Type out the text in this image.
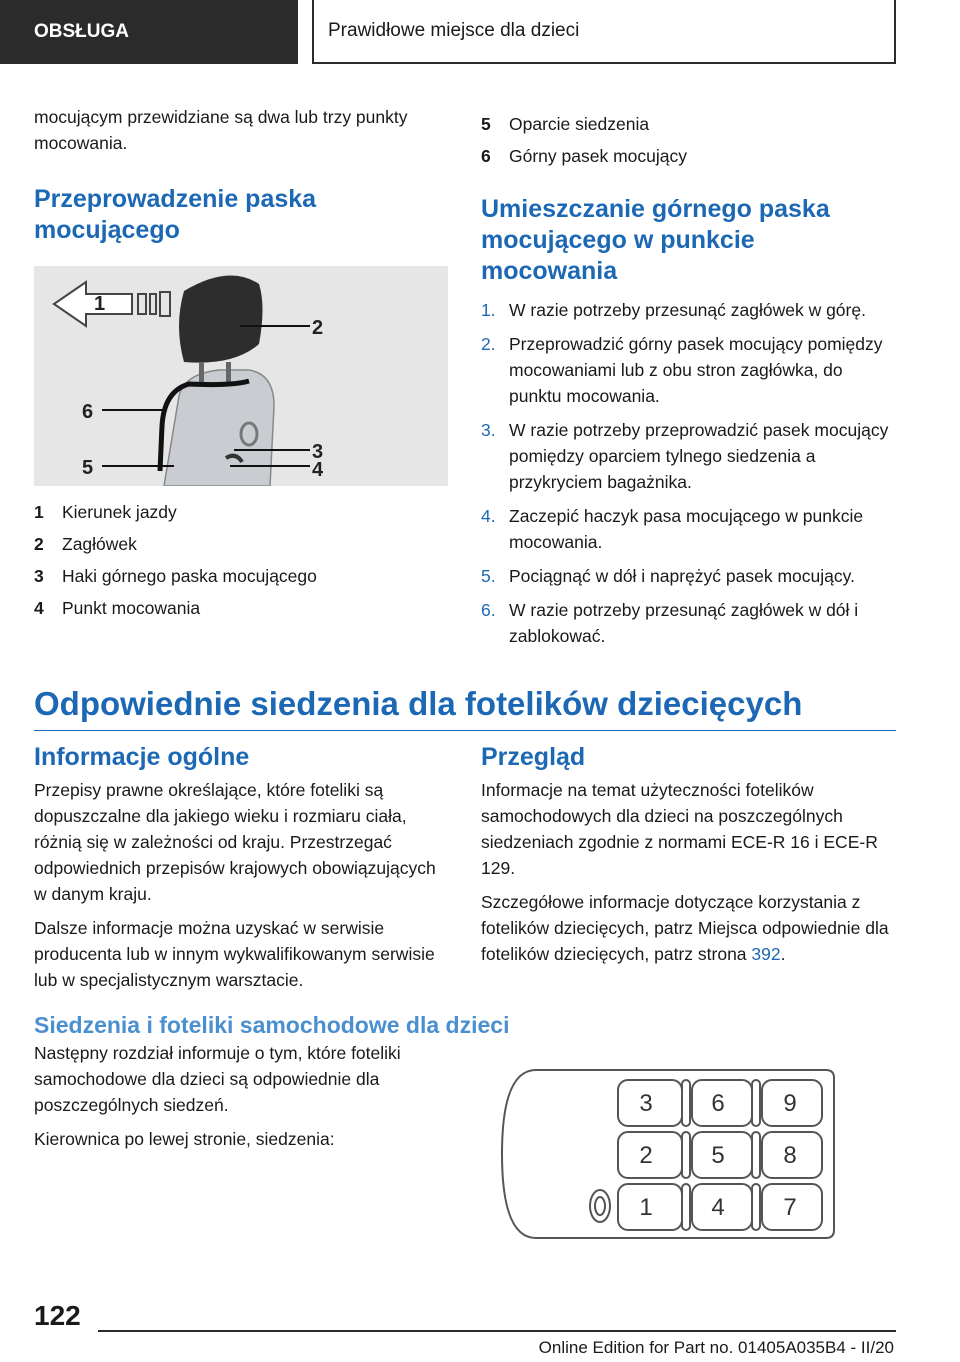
OBSŁUGA	Prawidłowe miejsce dla dzieci

mocującym przewidziane są dwa lub trzy punkty mocowania.

Przeprowadzenie paska mocującego
1
2
6
3
5	4
1	Kierunek jazdy
2	Zagłówek
3	Haki górnego paska mocującego
4	Punkt mocowania
5	Oparcie siedzenia
6	Górny pasek mocujący
Umieszczanie górnego paska mocującego w punkcie mocowania
1. W razie potrzeby przesunąć zagłówek w górę.
2. Przeprowadzić górny pasek mocujący pomiędzy mocowaniami lub z obu stron zagłówka, do punktu mocowania.
3. W razie potrzeby przeprowadzić pasek mocujący pomiędzy oparciem tylnego siedzenia a przykryciem bagażnika.
4. Zaczepić haczyk pasa mocującego w punkcie mocowania.
5. Pociągnąć w dół i naprężyć pasek mocujący.
6. W razie potrzeby przesunąć zagłówek w dół i zablokować.
Odpowiednie siedzenia dla fotelików dziecięcych
Informacje ogólne

Przepisy prawne określające, które foteliki są dopuszczalne dla jakiego wieku i rozmiaru ciała, różnią się w zależności od kraju. Przestrzegać odpowiednich przepisów krajowych obowiązujących w danym kraju.

Dalsze informacje można uzyskać w serwisie producenta lub w innym wykwalifikowanym serwisie lub w specjalistycznym warsztacie.

Przegląd

Informacje na temat użyteczności fotelików samochodowych dla dzieci na poszczególnych siedzeniach zgodnie z normami ECE-R 16 i ECE-R 129.

Szczegółowe informacje dotyczące korzystania z fotelików dziecięcych, patrz Miejsca odpowiednie dla fotelików dziecięcych, patrz strona 392.

Siedzenia i foteliki samochodowe dla dzieci

Następny rozdział informuje o tym, które foteliki samochodowe dla dzieci są odpowiednie dla poszczególnych siedzeń.

Kierownica po lewej stronie, siedzenia:

3 6 9
2 5 8
1 4 7
122
Online Edition for Part no. 01405A035B4 - II/20
